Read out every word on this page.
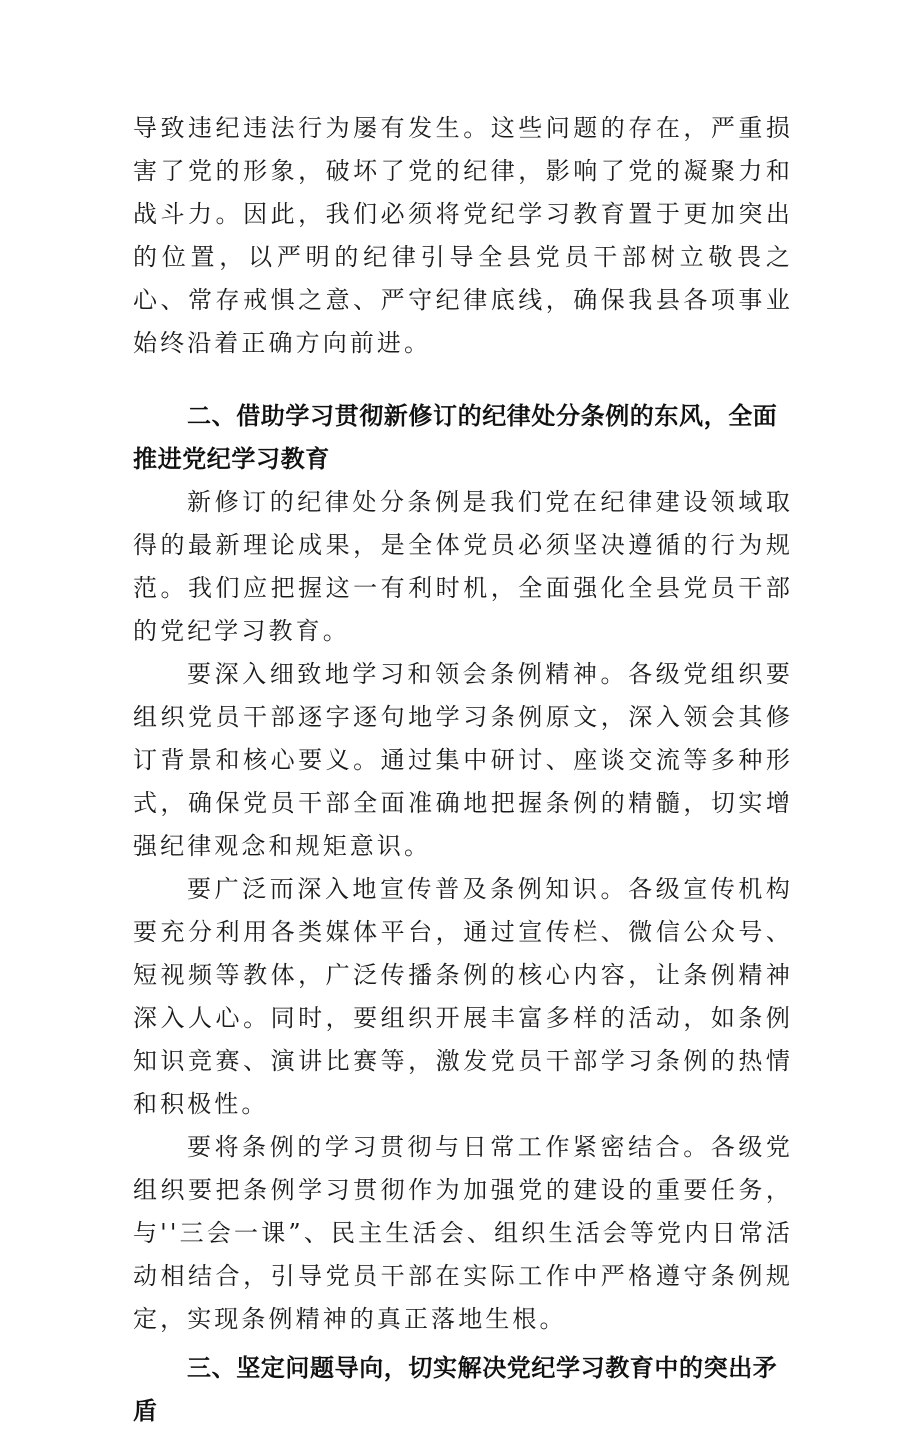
导致违纪违法行为屡有发生。这些问题的存在，严重损害了党的形象，破坏了党的纪律，影响了党的凝聚力和战斗力。因此，我们必须将党纪学习教育置于更加突出的位置，以严明的纪律引导全县党员干部树立敬畏之心、常存戒惧之意、严守纪律底线，确保我县各项事业始终沿着正确方向前进。

二、借助学习贯彻新修订的纪律处分条例的东风，全面推进党纪学习教育

新修订的纪律处分条例是我们党在纪律建设领域取得的最新理论成果，是全体党员必须坚决遵循的行为规范。我们应把握这一有利时机，全面强化全县党员干部的党纪学习教育。

要深入细致地学习和领会条例精神。各级党组织要组织党员干部逐字逐句地学习条例原文，深入领会其修订背景和核心要义。通过集中研讨、座谈交流等多种形式，确保党员干部全面准确地把握条例的精髓，切实增强纪律观念和规矩意识。

要广泛而深入地宣传普及条例知识。各级宣传机构要充分利用各类媒体平台，通过宣传栏、微信公众号、短视频等教体，广泛传播条例的核心内容，让条例精神深入人心。同时，要组织开展丰富多样的活动，如条例知识竞赛、演讲比赛等，激发党员干部学习条例的热情和积极性。

要将条例的学习贯彻与日常工作紧密结合。各级党组织要把条例学习贯彻作为加强党的建设的重要任务，与''三会一课”、民主生活会、组织生活会等党内日常活动相结合，引导党员干部在实际工作中严格遵守条例规定，实现条例精神的真正落地生根。

三、坚定问题导向，切实解决党纪学习教育中的突出矛盾
